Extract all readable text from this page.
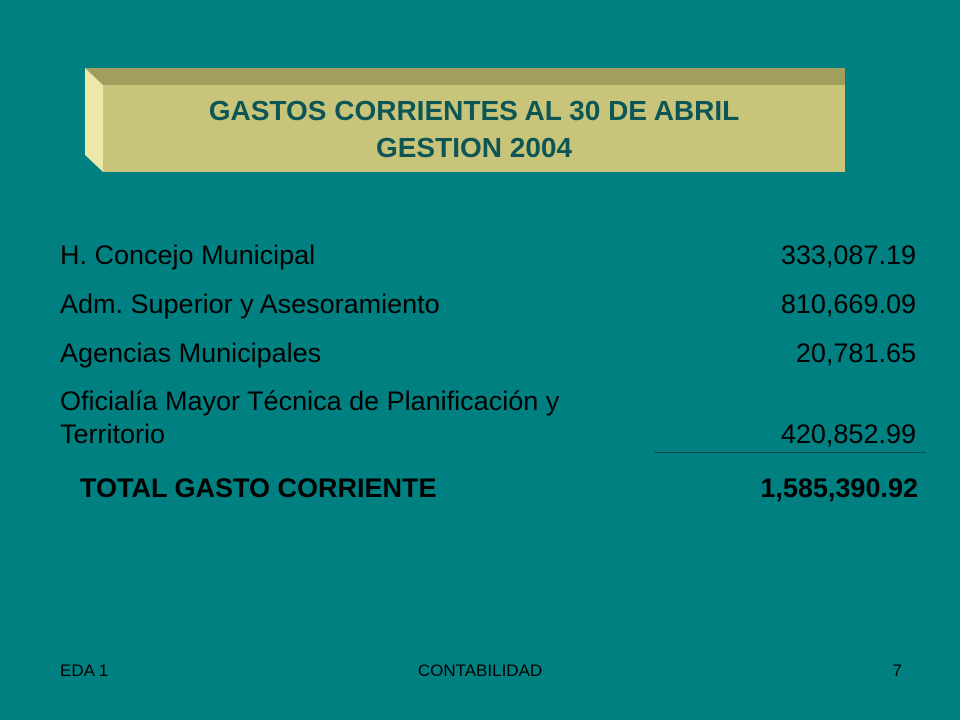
GASTOS CORRIENTES AL 30 DE ABRIL
GESTION 2004
H. Concejo Municipal	333,087.19
Adm. Superior y Asesoramiento	810,669.09
Agencias Municipales	20,781.65
Oficialía Mayor Técnica de Planificación y Territorio	420,852.99
TOTAL GASTO CORRIENTE	1,585,390.92
EDA 1	CONTABILIDAD	7
